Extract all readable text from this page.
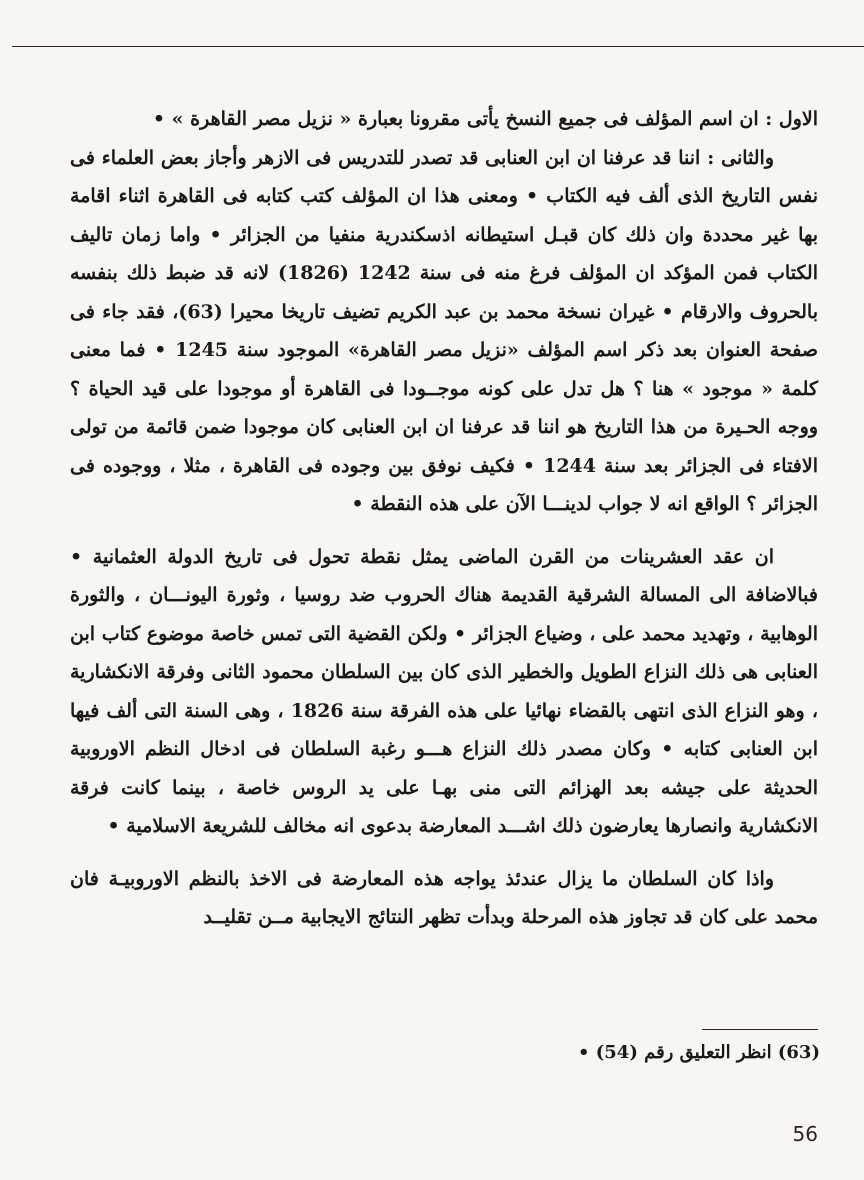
الاول : ان اسم المؤلف فى جميع النسخ يأتى مقرونا بعبارة « نزيل مصر القاهرة » •

والثانى : اننا قد عرفنا ان ابن العنابى قد تصدر للتدريس فى الازهر وأجاز بعض العلماء فى نفس التاريخ الذى ألف فيه الكتاب • ومعنى هذا ان المؤلف كتب كتابه فى القاهرة اثناء اقامة بها غير محددة وان ذلك كان قبـل استيطانه اذسكندرية منفيا من الجزائر • واما زمان تاليف الكتاب فمن المؤكد ان المؤلف فرغ منه فى سنة 1242 (1826) لانه قد ضبط ذلك بنفسه بالحروف والارقام • غيران نسخة محمد بن عبد الكريم تضيف تاريخا محيرا (63)، فقد جاء فى صفحة العنوان بعد ذكر اسم المؤلف «نزيل مصر القاهرة» الموجود سنة 1245 • فما معنى كلمة « موجود » هنا ؟ هل تدل على كونه موجــودا فى القاهرة أو موجودا على قيد الحياة ؟ ووجه الحـيرة من هذا التاريخ هو اننا قد عرفنا ان ابن العنابى كان موجودا ضمن قائمة من تولى الافتاء فى الجزائر بعد سنة 1244 • فكيف نوفق بين وجوده فى القاهرة ، مثلا ، ووجوده فى الجزائر ؟ الواقع انه لا جواب لدينـــا الآن على هذه النقطة •

ان عقد العشرينات من القرن الماضى يمثل نقطة تحول فى تاريخ الدولة العثمانية • فبالاضافة الى المسالة الشرقية القديمة هناك الحروب ضد روسيا ، وثورة اليونـــان ، والثورة الوهابية ، وتهديد محمد على ، وضياع الجزائر • ولكن القضية التى تمس خاصة موضوع كتاب ابن العنابى هى ذلك النزاع الطويل والخطير الذى كان بين السلطان محمود الثانى وفرقة الانكشارية ، وهو النزاع الذى انتهى بالقضاء نهائيا على هذه الفرقة سنة 1826 ، وهى السنة التى ألف فيها ابن العنابى كتابه • وكان مصدر ذلك النزاع هـــو رغبة السلطان فى ادخال النظم الاوروبية الحديثة على جيشه بعد الهزائم التى منى بهـا على يد الروس خاصة ، بينما كانت فرقة الانكشارية وانصارها يعارضون ذلك اشـــد المعارضة بدعوى انه مخالف للشريعة الاسلامية •

واذا كان السلطان ما يزال عندئذ يواجه هذه المعارضة فى الاخذ بالنظم الاوروبيـة فان محمد على كان قد تجاوز هذه المرحلة وبدأت تظهر النتائج الايجابية مــن تقليــد

(63) انظر التعليق رقم (54) •
56
